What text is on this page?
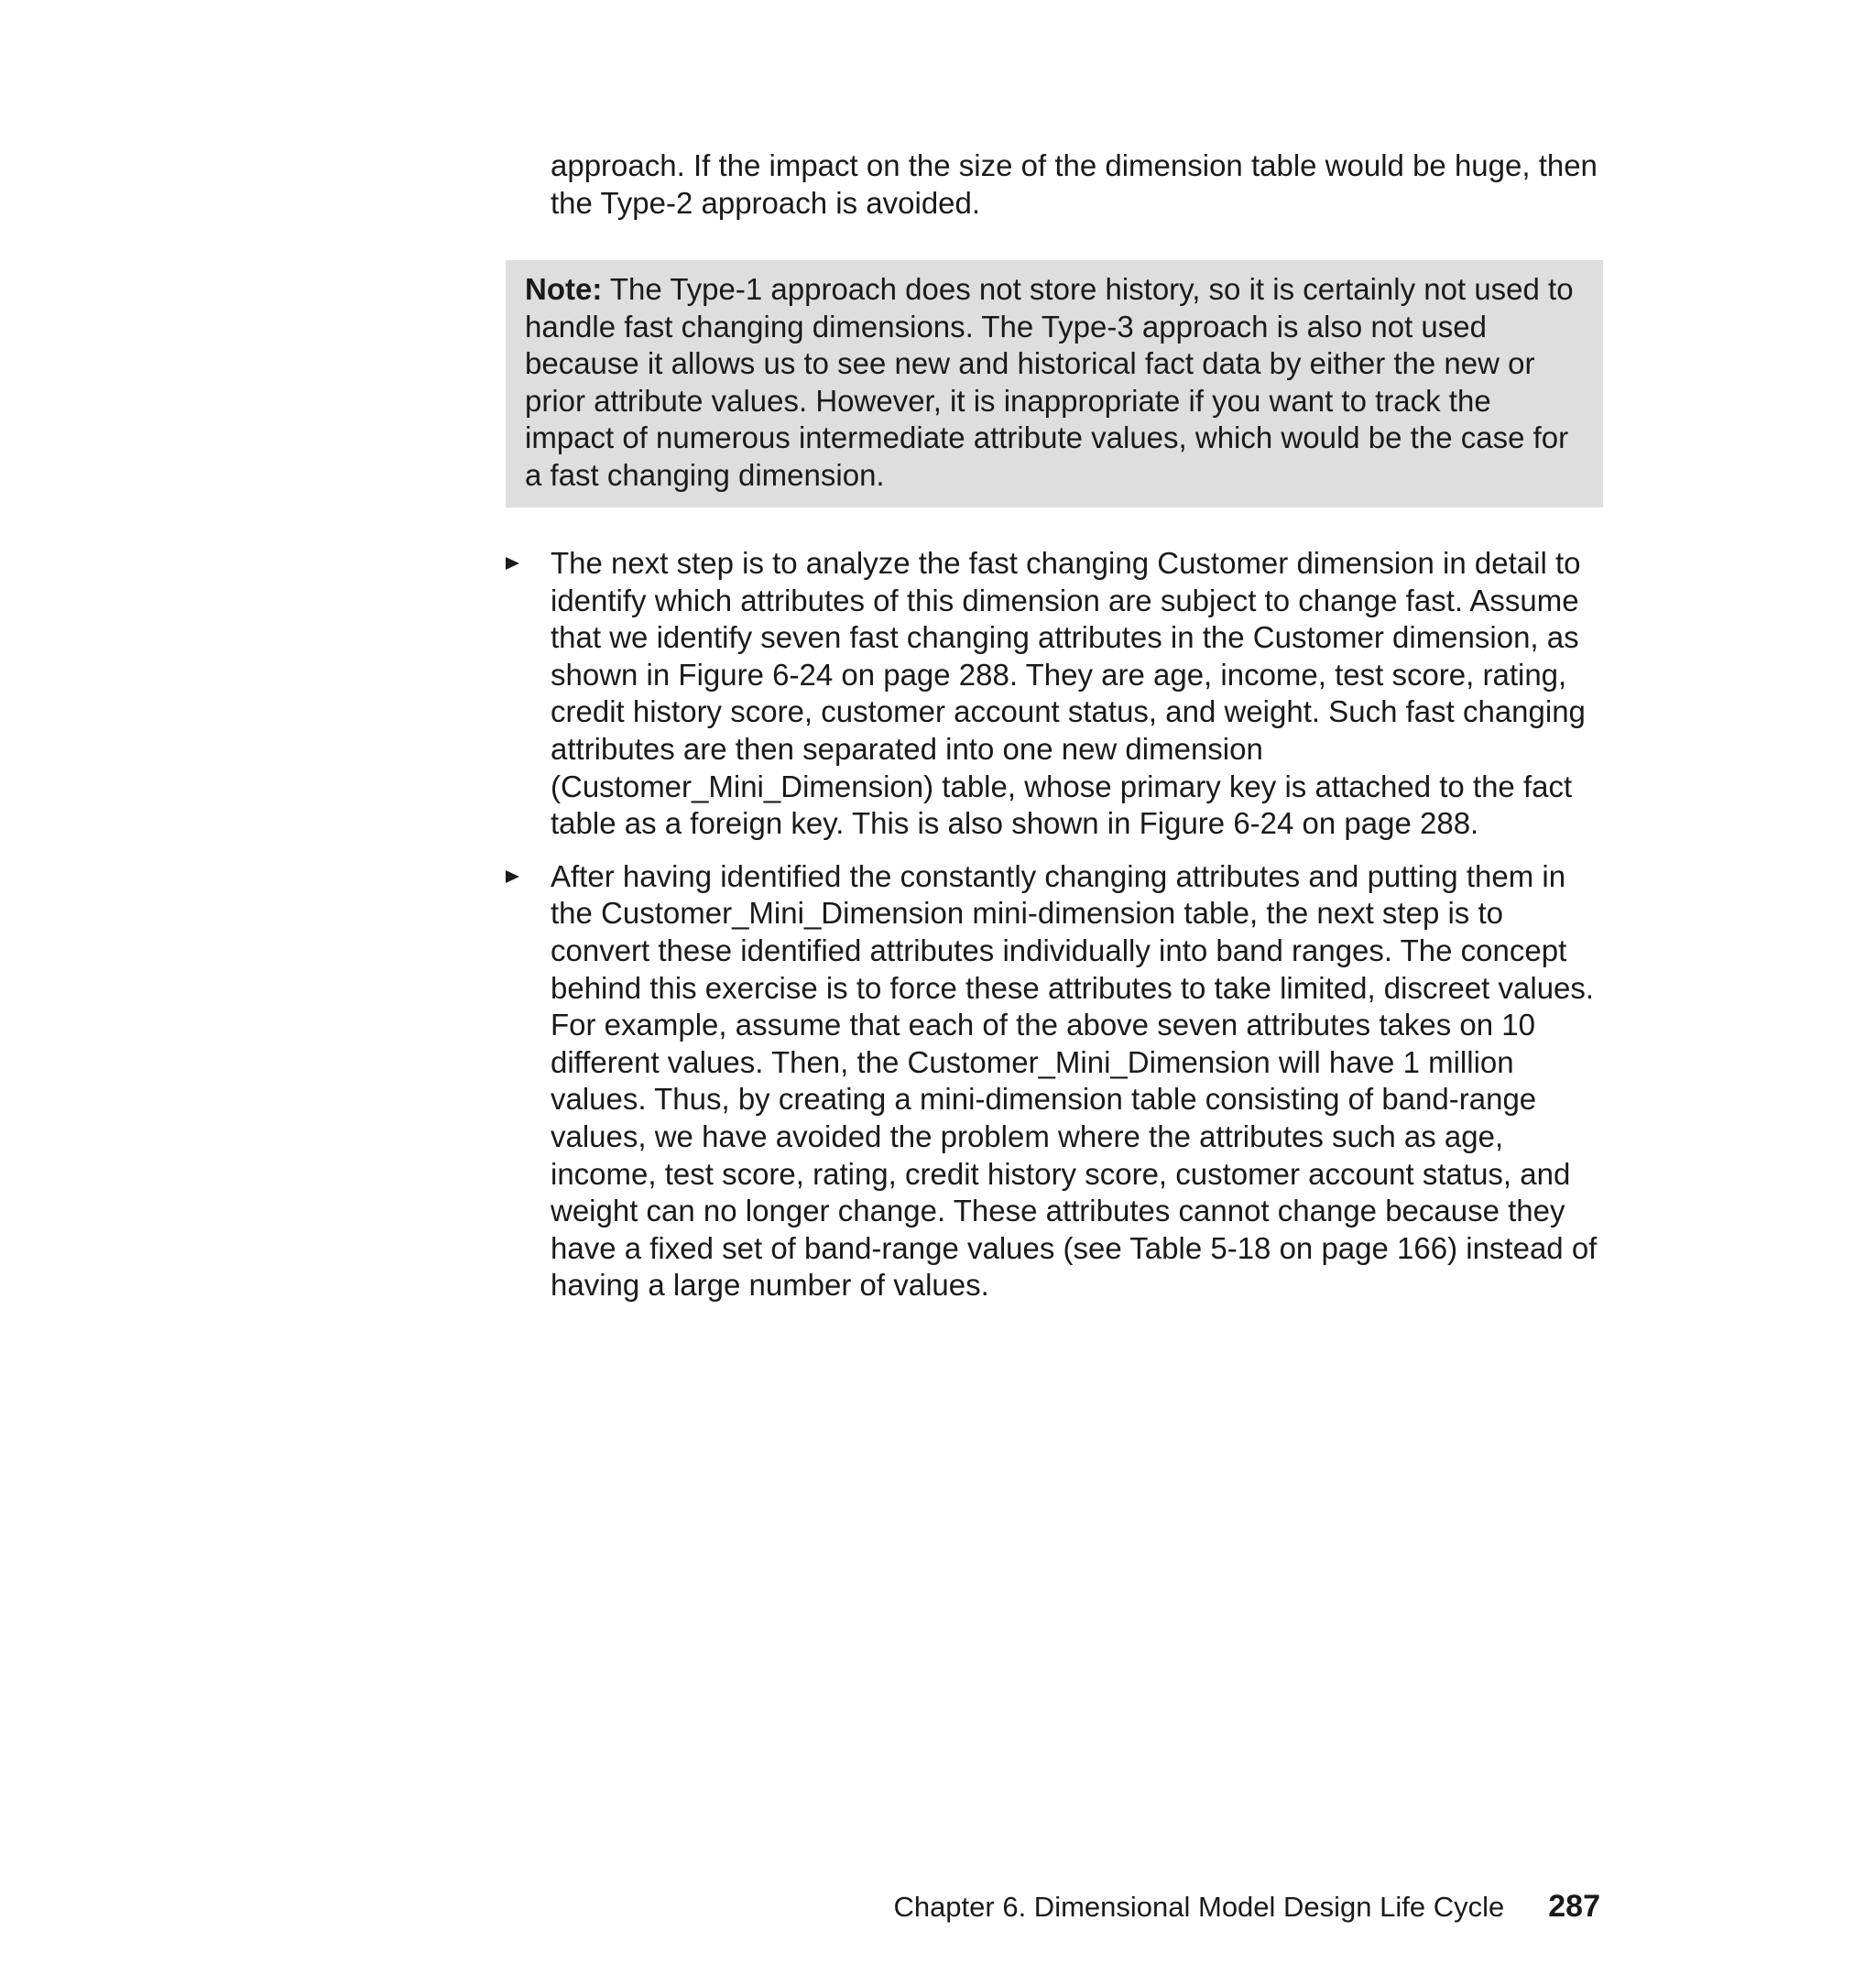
approach. If the impact on the size of the dimension table would be huge, then the Type-2 approach is avoided.

Note: The Type-1 approach does not store history, so it is certainly not used to handle fast changing dimensions. The Type-3 approach is also not used because it allows us to see new and historical fact data by either the new or prior attribute values. However, it is inappropriate if you want to track the impact of numerous intermediate attribute values, which would be the case for a fast changing dimension.

The next step is to analyze the fast changing Customer dimension in detail to identify which attributes of this dimension are subject to change fast. Assume that we identify seven fast changing attributes in the Customer dimension, as shown in Figure 6-24 on page 288. They are age, income, test score, rating, credit history score, customer account status, and weight. Such fast changing attributes are then separated into one new dimension (Customer_Mini_Dimension) table, whose primary key is attached to the fact table as a foreign key. This is also shown in Figure 6-24 on page 288.
After having identified the constantly changing attributes and putting them in the Customer_Mini_Dimension mini-dimension table, the next step is to convert these identified attributes individually into band ranges. The concept behind this exercise is to force these attributes to take limited, discreet values. For example, assume that each of the above seven attributes takes on 10 different values. Then, the Customer_Mini_Dimension will have 1 million values. Thus, by creating a mini-dimension table consisting of band-range values, we have avoided the problem where the attributes such as age, income, test score, rating, credit history score, customer account status, and weight can no longer change. These attributes cannot change because they have a fixed set of band-range values (see Table 5-18 on page 166) instead of having a large number of values.
Chapter 6. Dimensional Model Design Life Cycle 287
